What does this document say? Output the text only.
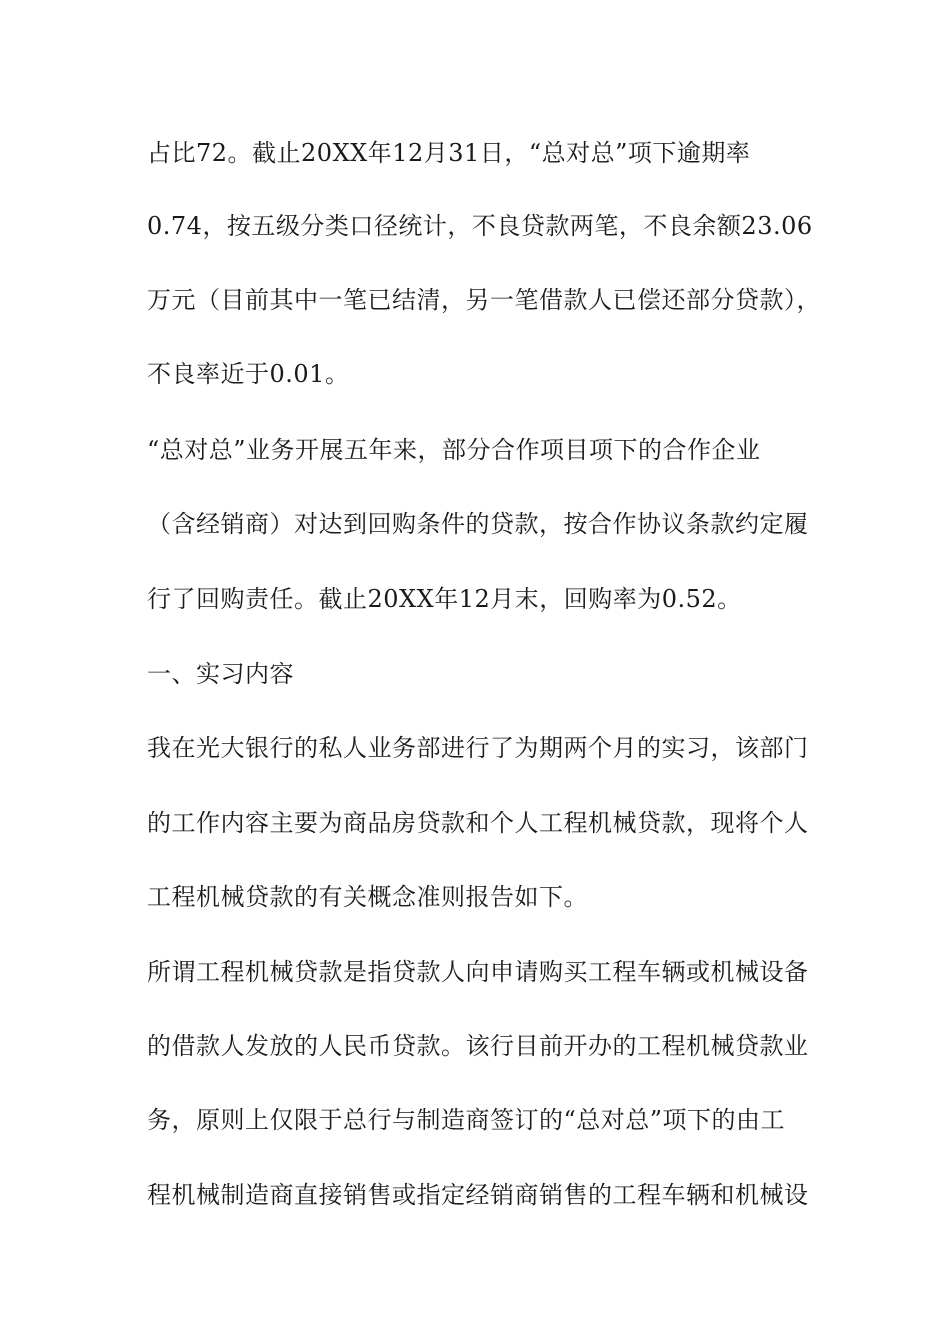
占比72。截止20XX年12月31日，“总对总”项下逾期率
0.74，按五级分类口径统计，不良贷款两笔，不良余额23.06
万元（目前其中一笔已结清，另一笔借款人已偿还部分贷款），
不良率近于0.01。
“总对总”业务开展五年来，部分合作项目项下的合作企业
（含经销商）对达到回购条件的贷款，按合作协议条款约定履
行了回购责任。截止20XX年12月末，回购率为0.52。
一、实习内容
我在光大银行的私人业务部进行了为期两个月的实习，该部门
的工作内容主要为商品房贷款和个人工程机械贷款，现将个人
工程机械贷款的有关概念准则报告如下。
所谓工程机械贷款是指贷款人向申请购买工程车辆或机械设备
的借款人发放的人民币贷款。该行目前开办的工程机械贷款业
务，原则上仅限于总行与制造商签订的“总对总”项下的由工
程机械制造商直接销售或指定经销商销售的工程车辆和机械设
